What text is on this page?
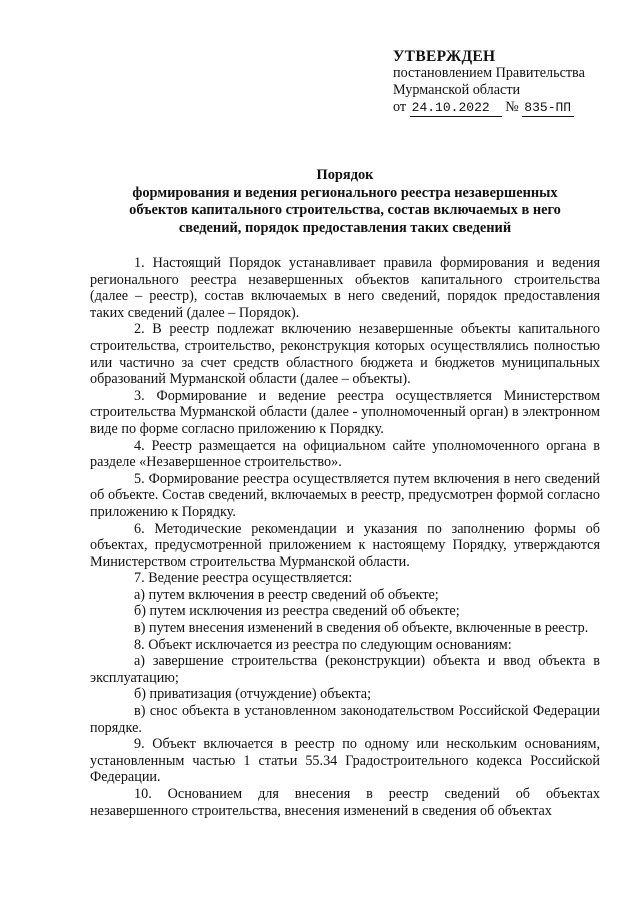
УТВЕРЖДЕН
постановлением Правительства
Мурманской области
от 24.10.2022 № 835-ПП
Порядок
формирования и ведения регионального реестра незавершенных
объектов капитального строительства, состав включаемых в него
сведений, порядок предоставления таких сведений

1. Настоящий Порядок устанавливает правила формирования и ведения регионального реестра незавершенных объектов капитального строительства (далее – реестр), состав включаемых в него сведений, порядок предоставления таких сведений (далее – Порядок).

2. В реестр подлежат включению незавершенные объекты капитального строительства, строительство, реконструкция которых осуществлялись полностью или частично за счет средств областного бюджета и бюджетов муниципальных образований Мурманской области (далее – объекты).

3. Формирование и ведение реестра осуществляется Министерством строительства Мурманской области (далее - уполномоченный орган) в электронном виде по форме согласно приложению к Порядку.

4. Реестр размещается на официальном сайте уполномоченного органа в разделе «Незавершенное строительство».

5. Формирование реестра осуществляется путем включения в него сведений об объекте. Состав сведений, включаемых в реестр, предусмотрен формой согласно приложению к Порядку.

6. Методические рекомендации и указания по заполнению формы об объектах, предусмотренной приложением к настоящему Порядку, утверждаются Министерством строительства Мурманской области.

7. Ведение реестра осуществляется:

а) путем включения в реестр сведений об объекте;

б) путем исключения из реестра сведений об объекте;

в) путем внесения изменений в сведения об объекте, включенные в реестр.

8. Объект исключается из реестра по следующим основаниям:

а) завершение строительства (реконструкции) объекта и ввод объекта в эксплуатацию;

б) приватизация (отчуждение) объекта;

в) снос объекта в установленном законодательством Российской Федерации порядке.

9. Объект включается в реестр по одному или нескольким основаниям, установленным частью 1 статьи 55.34 Градостроительного кодекса Российской Федерации.

10. Основанием для внесения в реестр сведений об объектах незавершенного строительства, внесения изменений в сведения об объектах
